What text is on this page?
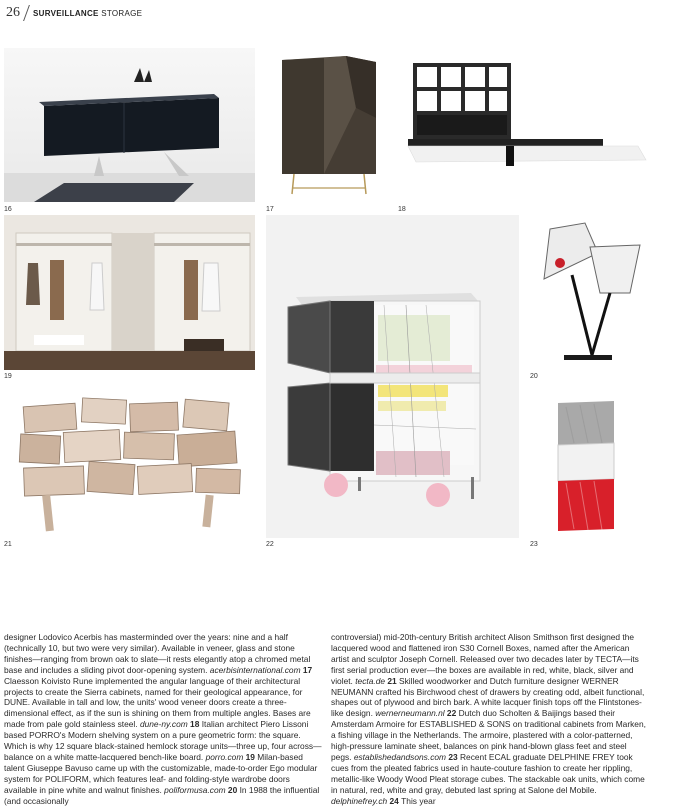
26 SURVEILLANCE STORAGE
16	17	18
19
22
20
21	23
designer Lodovico Acerbis has masterminded over the years: nine and a half (technically 10, but two were very similar). Available in veneer, glass and stone finishes—ranging from brown oak to slate—it rests elegantly atop a chromed metal base and includes a sliding pivot door-opening system. acerbisinternational.com 17 Claesson Koivisto Rune implemented the angular language of their architectural projects to create the Sierra cabinets, named for their geological appearance, for DUNE. Available in tall and low, the units' wood veneer doors create a three-dimensional effect, as if the sun is shining on them from multiple angles. Bases are made from pale gold stainless steel. dune-ny.com 18 Italian architect Piero Lissoni based PORRO's Modern shelving system on a pure geometric form: the square. Which is why 12 square black-stained hemlock storage units—three up, four across—balance on a white matte-lacquered bench-like board. porro.com 19 Milan-based talent Giuseppe Bavuso came up with the customizable, made-to-order Ego modular system for POLIFORM, which features leaf- and folding-style wardrobe doors available in pine white and walnut finishes. poliformusa.com 20 In 1988 the influential (and occasionally
controversial) mid-20th-century British architect Alison Smithson first designed the lacquered wood and flattened iron S30 Cornell Boxes, named after the American artist and sculptor Joseph Cornell. Released over two decades later by TECTA—its first serial production ever—the boxes are available in red, white, black, silver and violet. tecta.de 21 Skilled woodworker and Dutch furniture designer WERNER NEUMANN crafted his Birchwood chest of drawers by creating odd, albeit functional, shapes out of plywood and birch bark. A white lacquer finish tops off the Flintstones-like design. wernerneumann.nl 22 Dutch duo Scholten & Baijings based their Amsterdam Armoire for ESTABLISHED & SONS on traditional cabinets from Marken, a fishing village in the Netherlands. The armoire, plastered with a color-patterned, high-pressure laminate sheet, balances on pink hand-blown glass feet and steel pegs. establishedandsons.com 23 Recent ECAL graduate DELPHINE FREY took cues from the pleated fabrics used in haute-couture fashion to create her rippling, metallic-like Woody Wood Pleat storage cubes. The stackable oak units, which come in natural, red, white and gray, debuted last spring at Salone del Mobile. delphinefrey.ch 24 This year
